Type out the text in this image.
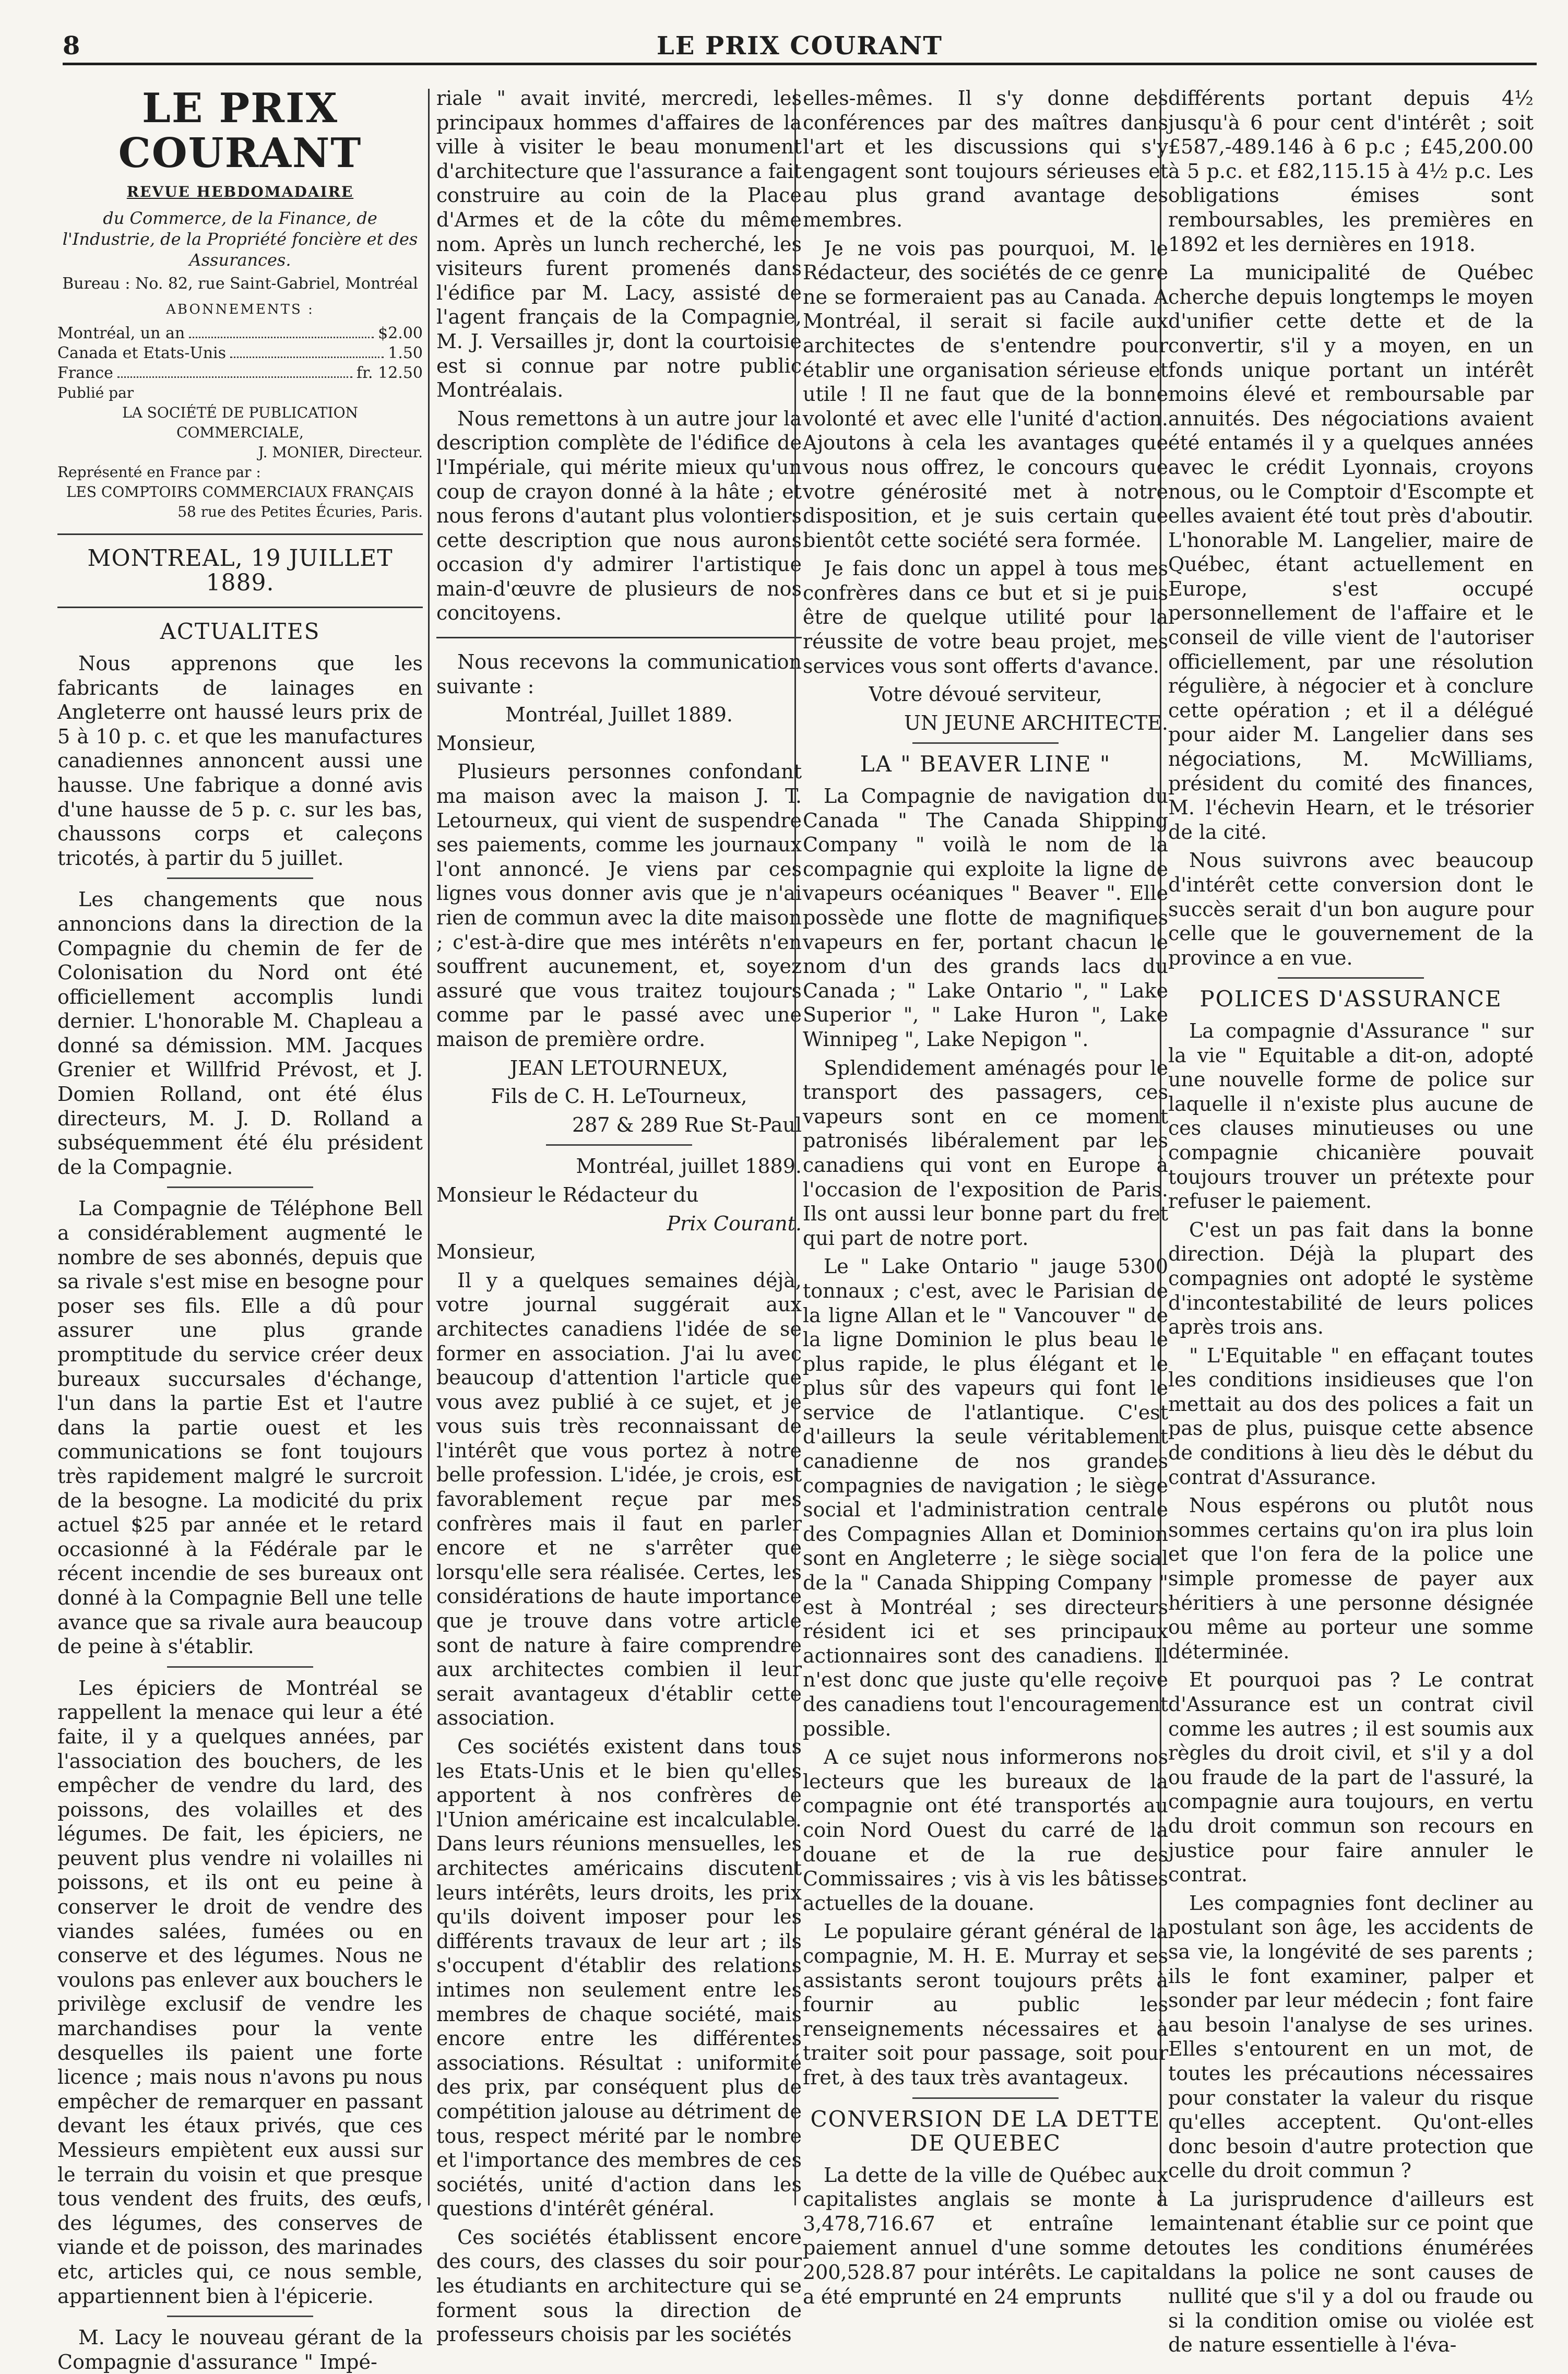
8	LE PRIX COURANT
LE PRIX COURANT
REVUE HEBDOMADAIRE
du Commerce, de la Finance, de l'Industrie, de la Propriété foncière et des Assurances.
Bureau : No. 82, rue Saint-Gabriel, Montréal
ABONNEMENTS :
Montréal, un an	$2.00
Canada et Etats-Unis	1.50
France	fr. 12.50
Publié par
LA SOCIÉTÉ DE PUBLICATION COMMERCIALE,
J. MONIER, Directeur.
Représenté en France par :
LES COMPTOIRS COMMERCIAUX FRANÇAIS
58 rue des Petites Écuries, Paris.
MONTREAL, 19 JUILLET 1889.
ACTUALITES

Nous apprenons que les fabricants de lainages en Angleterre ont haussé leurs prix de 5 à 10 p. c. et que les manufactures canadiennes annoncent aussi une hausse. Une fabrique a donné avis d'une hausse de 5 p. c. sur les bas, chaussons corps et caleçons tricotés, à partir du 5 juillet.

Les changements que nous annoncions dans la direction de la Compagnie du chemin de fer de Colonisation du Nord ont été officiellement accomplis lundi dernier. L'honorable M. Chapleau a donné sa démission. MM. Jacques Grenier et Willfrid Prévost, et J. Domien Rolland, ont été élus directeurs, M. J. D. Rolland a subséquemment été élu président de la Compagnie.

La Compagnie de Téléphone Bell a considérablement augmenté le nombre de ses abonnés, depuis que sa rivale s'est mise en besogne pour poser ses fils. Elle a dû pour assurer une plus grande promptitude du service créer deux bureaux succursales d'échange, l'un dans la partie Est et l'autre dans la partie ouest et les communications se font toujours très rapidement malgré le surcroit de la besogne. La modicité du prix actuel $25 par année et le retard occasionné à la Fédérale par le récent incendie de ses bureaux ont donné à la Compagnie Bell une telle avance que sa rivale aura beaucoup de peine à s'établir.

Les épiciers de Montréal se rappellent la menace qui leur a été faite, il y a quelques années, par l'association des bouchers, de les empêcher de vendre du lard, des poissons, des volailles et des légumes. De fait, les épiciers, ne peuvent plus vendre ni volailles ni poissons, et ils ont eu peine à conserver le droit de vendre des viandes salées, fumées ou en conserve et des légumes. Nous ne voulons pas enlever aux bouchers le privilège exclusif de vendre les marchandises pour la vente desquelles ils paient une forte licence ; mais nous n'avons pu nous empêcher de remarquer en passant devant les étaux privés, que ces Messieurs empiètent eux aussi sur le terrain du voisin et que presque tous vendent des fruits, des œufs, des légumes, des conserves de viande et de poisson, des marinades etc, articles qui, ce nous semble, appartiennent bien à l'épicerie.

M. Lacy le nouveau gérant de la Compagnie d'assurance " Impé-

riale " avait invité, mercredi, les principaux hommes d'affaires de la ville à visiter le beau monument d'architecture que l'assurance a fait construire au coin de la Place d'Armes et de la côte du même nom. Après un lunch recherché, les visiteurs furent promenés dans l'édifice par M. Lacy, assisté de l'agent français de la Compagnie, M. J. Versailles jr, dont la courtoisie est si connue par notre public Montréalais.

Nous remettons à un autre jour la description complète de l'édifice de l'Impériale, qui mérite mieux qu'un coup de crayon donné à la hâte ; et nous ferons d'autant plus volontiers cette description que nous aurons occasion d'y admirer l'artistique main-d'œuvre de plusieurs de nos concitoyens.

Nous recevons la communication suivante :

Montréal, Juillet 1889.

Monsieur,

Plusieurs personnes confondant ma maison avec la maison J. T. Letourneux, qui vient de suspendre ses paiements, comme les journaux l'ont annoncé. Je viens par ces lignes vous donner avis que je n'ai rien de commun avec la dite maison ; c'est-à-dire que mes intérêts n'en souffrent aucunement, et, soyez assuré que vous traitez toujours comme par le passé avec une maison de première ordre.

JEAN LETOURNEUX,

Fils de C. H. LeTourneux,

287 & 289 Rue St-Paul

Montréal, juillet 1889.

Monsieur le Rédacteur du

Prix Courant.

Monsieur,

Il y a quelques semaines déjà, votre journal suggérait aux architectes canadiens l'idée de se former en association. J'ai lu avec beaucoup d'attention l'article que vous avez publié à ce sujet, et je vous suis très reconnaissant de l'intérêt que vous portez à notre belle profession. L'idée, je crois, est favorablement reçue par mes confrères mais il faut en parler encore et ne s'arrêter que lorsqu'elle sera réalisée. Certes, les considérations de haute importance que je trouve dans votre article sont de nature à faire comprendre aux architectes combien il leur serait avantageux d'établir cette association.

Ces sociétés existent dans tous les Etats-Unis et le bien qu'elles apportent à nos confrères de l'Union américaine est incalculable. Dans leurs réunions mensuelles, les architectes américains discutent leurs intérêts, leurs droits, les prix qu'ils doivent imposer pour les différents travaux de leur art ; ils s'occupent d'établir des relations intimes non seulement entre les membres de chaque société, mais encore entre les différentes associations. Résultat : uniformité des prix, par conséquent plus de compétition jalouse au détriment de tous, respect mérité par le nombre et l'importance des membres de ces sociétés, unité d'action dans les questions d'intérêt général.

Ces sociétés établissent encore des cours, des classes du soir pour les étudiants en architecture qui se forment sous la direction de professeurs choisis par les sociétés

elles-mêmes. Il s'y donne des conférences par des maîtres dans l'art et les discussions qui s'y engagent sont toujours sérieuses et au plus grand avantage des membres.

Je ne vois pas pourquoi, M. le Rédacteur, des sociétés de ce genre ne se formeraient pas au Canada. A Montréal, il serait si facile aux architectes de s'entendre pour établir une organisation sérieuse et utile ! Il ne faut que de la bonne volonté et avec elle l'unité d'action. Ajoutons à cela les avantages que vous nous offrez, le concours que votre générosité met à notre disposition, et je suis certain que bientôt cette société sera formée.

Je fais donc un appel à tous mes confrères dans ce but et si je puis être de quelque utilité pour la réussite de votre beau projet, mes services vous sont offerts d'avance.

Votre dévoué serviteur,

UN JEUNE ARCHITECTE.

LA " BEAVER LINE "

La Compagnie de navigation du Canada " The Canada Shipping Company " voilà le nom de la compagnie qui exploite la ligne de vapeurs océaniques " Beaver ". Elle possède une flotte de magnifiques vapeurs en fer, portant chacun le nom d'un des grands lacs du Canada ; " Lake Ontario ", " Lake Superior ", " Lake Huron ", Lake Winnipeg ", Lake Nepigon ".

Splendidement aménagés pour le transport des passagers, ces vapeurs sont en ce moment patronisés libéralement par les canadiens qui vont en Europe à l'occasion de l'exposition de Paris. Ils ont aussi leur bonne part du fret qui part de notre port.

Le " Lake Ontario " jauge 5300 tonnaux ; c'est, avec le Parisian de la ligne Allan et le " Vancouver " de la ligne Dominion le plus beau le plus rapide, le plus élégant et le plus sûr des vapeurs qui font le service de l'atlantique. C'est d'ailleurs la seule véritablement canadienne de nos grandes compagnies de navigation ; le siège social et l'administration centrale des Compagnies Allan et Dominion sont en Angleterre ; le siège social de la " Canada Shipping Company " est à Montréal ; ses directeurs résident ici et ses principaux actionnaires sont des canadiens. Il n'est donc que juste qu'elle reçoive des canadiens tout l'encouragement possible.

A ce sujet nous informerons nos lecteurs que les bureaux de la compagnie ont été transportés au coin Nord Ouest du carré de la douane et de la rue des Commissaires ; vis à vis les bâtisses actuelles de la douane.

Le populaire gérant général de la compagnie, M. H. E. Murray et ses assistants seront toujours prêts à fournir au public les renseignements nécessaires et à traiter soit pour passage, soit pour fret, à des taux très avantageux.

CONVERSION DE LA DETTE
DE QUEBEC

La dette de la ville de Québec aux capitalistes anglais se monte à 3,478,716.67 et entraîne le paiement annuel d'une somme de 200,528.87 pour intérêts. Le capital a été emprunté en 24 emprunts

différents portant depuis 4½ jusqu'à 6 pour cent d'intérêt ; soit £587,-489.146 à 6 p.c ; £45,200.00 à 5 p.c. et £82,115.15 à 4½ p.c. Les obligations émises sont remboursables, les premières en 1892 et les dernières en 1918.

La municipalité de Québec cherche depuis longtemps le moyen d'unifier cette dette et de la convertir, s'il y a moyen, en un fonds unique portant un intérêt moins élevé et remboursable par annuités. Des négociations avaient été entamés il y a quelques années avec le crédit Lyonnais, croyons nous, ou le Comptoir d'Escompte et elles avaient été tout près d'aboutir. L'honorable M. Langelier, maire de Québec, étant actuellement en Europe, s'est occupé personnellement de l'affaire et le conseil de ville vient de l'autoriser officiellement, par une résolution régulière, à négocier et à conclure cette opération ; et il a délégué pour aider M. Langelier dans ses négociations, M. McWilliams, président du comité des finances, M. l'échevin Hearn, et le trésorier de la cité.

Nous suivrons avec beaucoup d'intérêt cette conversion dont le succès serait d'un bon augure pour celle que le gouvernement de la province a en vue.

POLICES D'ASSURANCE

La compagnie d'Assurance " sur la vie " Equitable a dit-on, adopté une nouvelle forme de police sur laquelle il n'existe plus aucune de ces clauses minutieuses ou une compagnie chicanière pouvait toujours trouver un prétexte pour refuser le paiement.

C'est un pas fait dans la bonne direction. Déjà la plupart des compagnies ont adopté le système d'incontestabilité de leurs polices après trois ans.

" L'Equitable " en effaçant toutes les conditions insidieuses que l'on mettait au dos des polices a fait un pas de plus, puisque cette absence de conditions à lieu dès le début du contrat d'Assurance.

Nous espérons ou plutôt nous sommes certains qu'on ira plus loin et que l'on fera de la police une simple promesse de payer aux héritiers à une personne désignée ou même au porteur une somme déterminée.

Et pourquoi pas ? Le contrat d'Assurance est un contrat civil comme les autres ; il est soumis aux règles du droit civil, et s'il y a dol ou fraude de la part de l'assuré, la compagnie aura toujours, en vertu du droit commun son recours en justice pour faire annuler le contrat.

Les compagnies font decliner au postulant son âge, les accidents de sa vie, la longévité de ses parents ; ils le font examiner, palper et sonder par leur médecin ; font faire au besoin l'analyse de ses urines. Elles s'entourent en un mot, de toutes les précautions nécessaires pour constater la valeur du risque qu'elles acceptent. Qu'ont-elles donc besoin d'autre protection que celle du droit commun ?

La jurisprudence d'ailleurs est maintenant établie sur ce point que toutes les conditions énumérées dans la police ne sont causes de nullité que s'il y a dol ou fraude ou si la condition omise ou violée est de nature essentielle à l'éva-
